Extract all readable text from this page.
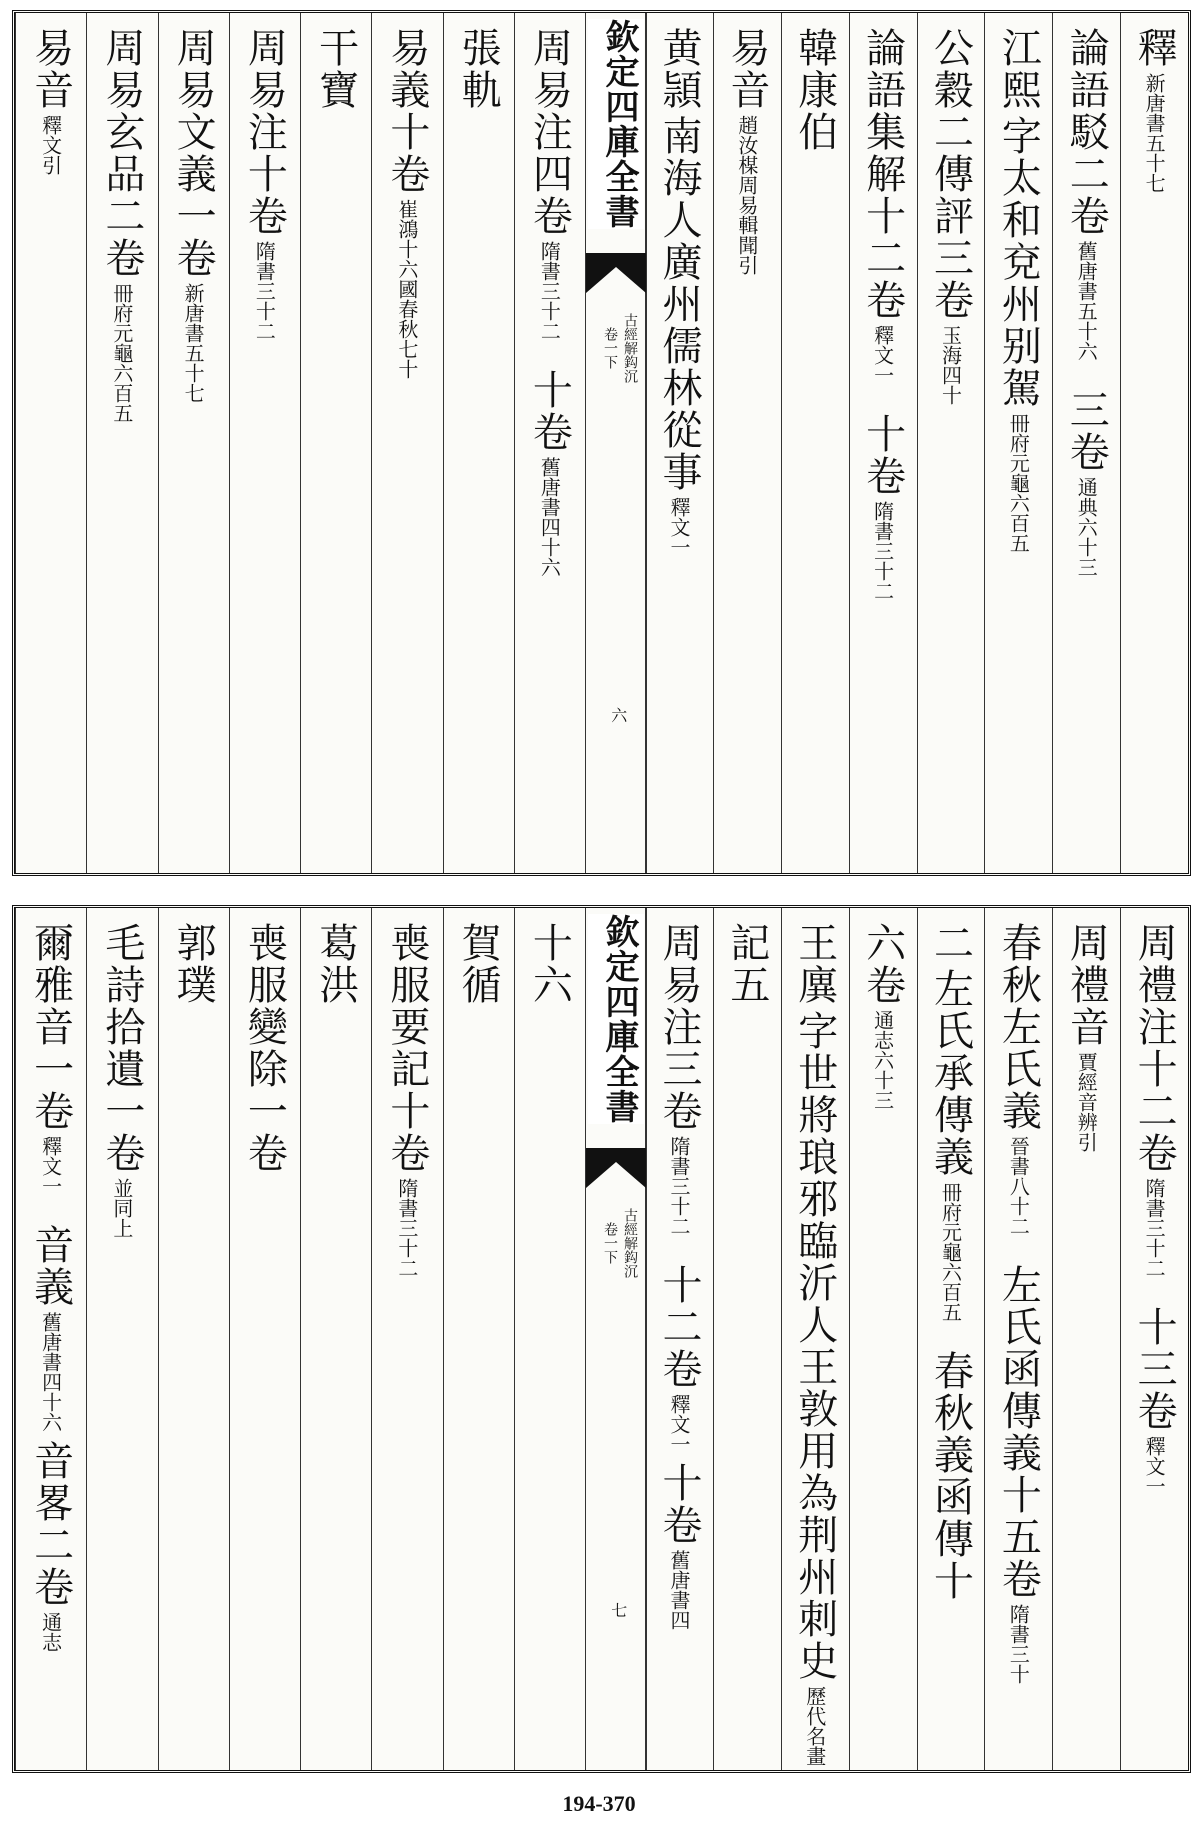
釋
新唐書五十七
論語駁二卷
舊唐書五十六
三卷
通典六十三
江熙
字太和兗州别駕
冊府元龜六百五
公穀二傳評三卷
玉海四十
論語集解十二卷
釋文一
十卷
隋書三十二
韓康伯
易音
趙汝楳周易輯聞引
黄頴
南海人廣州儒林從事
釋文一
周易注四卷
隋書三十二
十卷
舊唐書四十六
張軌
易義十卷
崔鴻十六國春秋七十
干寶
周易注十卷
隋書三十二
周易文義一卷
新唐書五十七
周易玄品二卷
冊府元龜六百五
易音
釋文引	欽定四庫全書
古經解鈎沉
卷一下
六
周禮注十二卷
隋書三十二
十三卷
釋文一
周禮音
賈經音辨引
春秋左氏義
晉書八十二
左氏函傳義十五卷
隋書三十
二
左氏承傳義
冊府元龜六百五
春秋義函傳十
六卷
通志六十三
王廙
字世將琅邪臨沂人王敦用為荆州刺史
歷代名畫
記五
周易注三卷
隋書三十二
十二卷
釋文一
十卷
舊唐書四
十六
賀循
喪服要記十卷
隋書三十二
葛洪
喪服變除一卷
郭璞
毛詩拾遺一卷
並同上
爾雅音一卷
釋文一
音義
舊唐書四十六
音畧二卷
通志
欽定四庫全書
古經解鈎沉
卷一下
七
194-370
